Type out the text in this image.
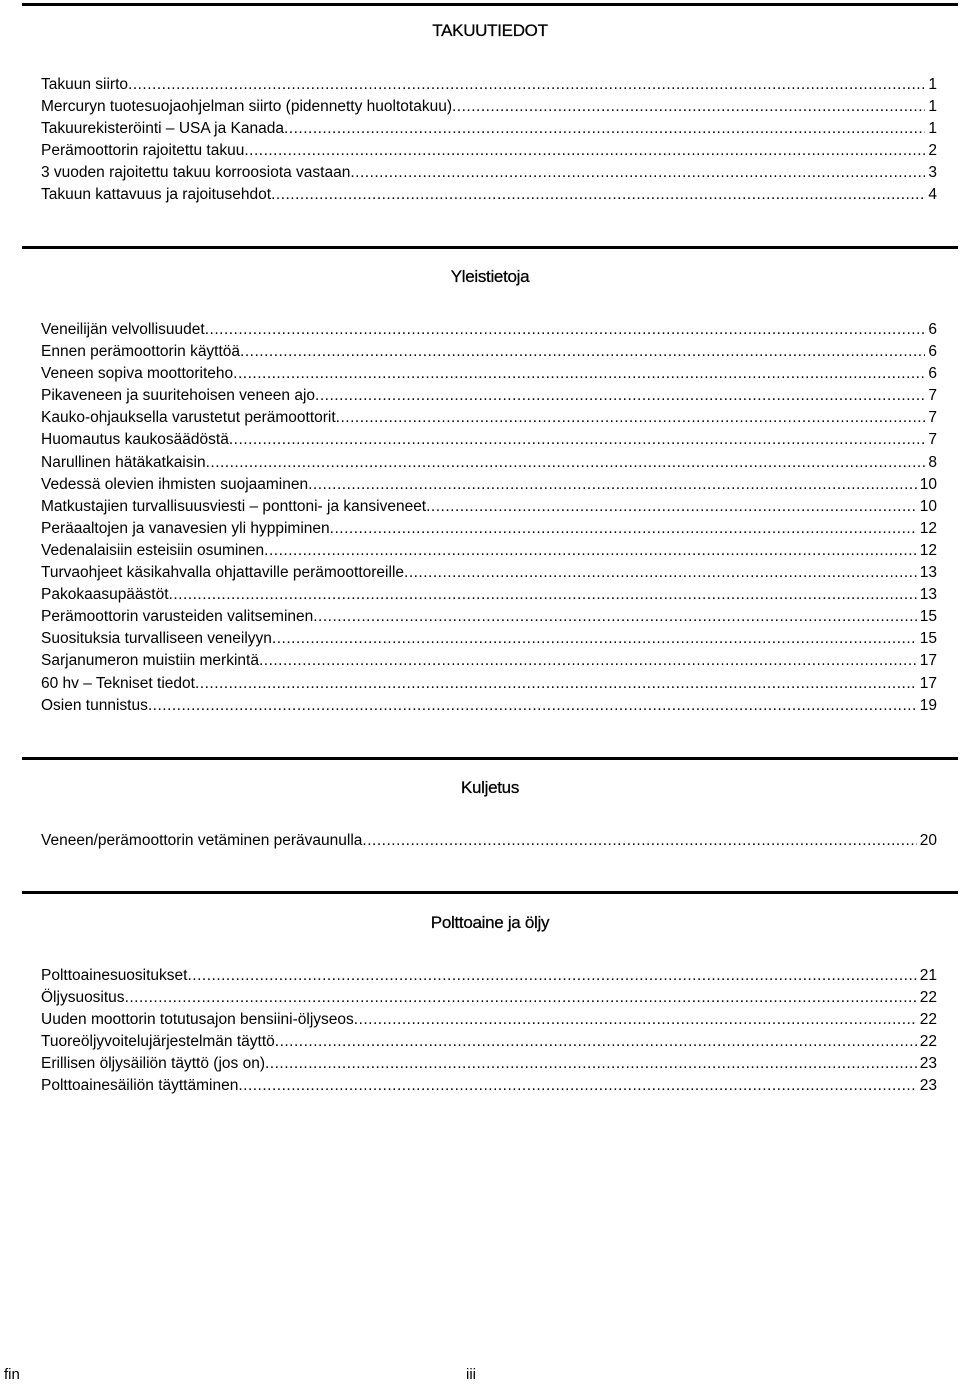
TAKUUTIEDOT
Takuun siirto .....	1
Mercuryn tuotesuojaohjelman siirto (pidennetty huoltotakuu) .....	1
Takuurekisteröinti – USA ja Kanada .....	1
Perämoottorin rajoitettu takuu .....	2
3 vuoden rajoitettu takuu korroosiota vastaan .....	3
Takuun kattavuus ja rajoitusehdot .....	4
Yleistietoja
Veneilijän velvollisuudet .....	6
Ennen perämoottorin käyttöä .....	6
Veneen sopiva moottoriteho .....	6
Pikaveneen ja suuritehoisen veneen ajo .....	7
Kauko-ohjauksella varustetut perämoottorit .....	7
Huomautus kaukosäädöstä .....	7
Narullinen hätäkatkaisin .....	8
Vedessä olevien ihmisten suojaaminen .....	10
Matkustajien turvallisuusviesti – ponttoni- ja kansiveneet .....	10
Peräaaltojen ja vanavesien yli hyppiminen .....	12
Vedenalaisiin esteisiin osuminen .....	12
Turvaohjeet käsikahvalla ohjattaville perämoottoreille .....	13
Pakokaasupäästöt .....	13
Perämoottorin varusteiden valitseminen .....	15
Suosituksia turvalliseen veneilyyn .....	15
Sarjanumeron muistiin merkintä .....	17
60 hv – Tekniset tiedot .....	17
Osien tunnistus .....	19
Kuljetus
Veneen/perämoottorin vetäminen perävaunulla .....	20
Polttoaine ja öljy
Polttoainesuositukset .....	21
Öljysuositus .....	22
Uuden moottorin totutusajon bensiini-öljyseos .....	22
Tuoreöljyvoitelujärjestelmän täyttö .....	22
Erillisen öljysäiliön täyttö (jos on) .....	23
Polttoainesäiliön täyttäminen .....	23
fin	iii
